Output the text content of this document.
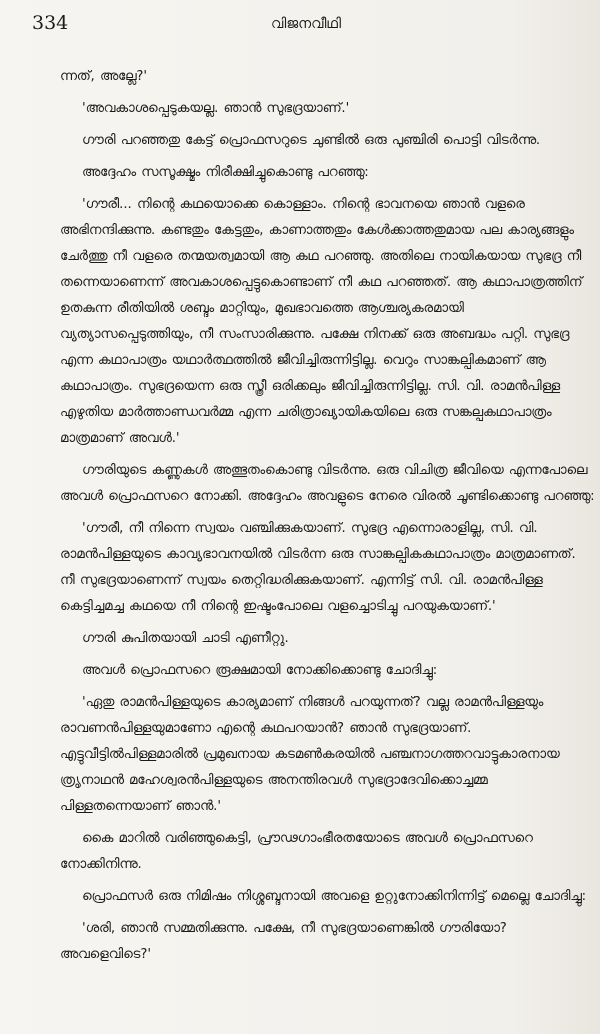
334	വിജനവീഥി

ന്നത്, അല്ലേ?'

'അവകാശപ്പെടുകയല്ല. ഞാൻ സുഭദ്രയാണ്.'

ഗൗരി പറഞ്ഞതു കേട്ട് പ്രൊഫസറുടെ ചുണ്ടിൽ ഒരു പുഞ്ചിരി പൊട്ടി വിടർന്നു.

അദ്ദേഹം സസൂക്ഷ്മം നിരീക്ഷിച്ചുകൊണ്ടു പറഞ്ഞു:

'ഗൗരീ... നിന്റെ കഥയൊക്കെ കൊള്ളാം. നിന്റെ ഭാവനയെ ഞാൻ വളരെ അഭിനന്ദിക്കുന്നു. കണ്ടതും കേട്ടതും, കാണാത്തതും കേൾക്കാത്തതുമായ പല കാര്യങ്ങളും ചേർത്തു നീ വളരെ തന്മയത്വമായി ആ കഥ പറഞ്ഞു. അതിലെ നായികയായ സുഭദ്ര നീ തന്നെയാണെന്ന് അവകാശപ്പെട്ടുകൊണ്ടാണ് നീ കഥ പറഞ്ഞത്. ആ കഥാപാത്രത്തിന് ഉതകുന്ന രീതിയിൽ ശബ്ദം മാറ്റിയും, മുഖഭാവത്തെ ആശ്ചര്യകരമായി വ്യത്യാസപ്പെടുത്തിയും, നീ സംസാരിക്കുന്നു. പക്ഷേ നിനക്ക് ഒരു അബദ്ധം പറ്റി. സുഭദ്ര എന്ന കഥാപാത്രം യഥാർത്ഥത്തിൽ ജീവിച്ചിരുന്നിട്ടില്ല. വെറും സാങ്കല്പികമാണ് ആ കഥാപാത്രം. സുഭദ്രയെന്ന ഒരു സ്ത്രീ ഒരിക്കലും ജീവിച്ചിരുന്നിട്ടില്ല. സി. വി. രാമൻപിള്ള എഴുതിയ മാർത്താണ്ഡവർമ്മ എന്ന ചരിത്രാഖ്യായികയിലെ ഒരു സങ്കല്പകഥാപാത്രം മാത്രമാണ് അവൾ.'

ഗൗരിയുടെ കണ്ണുകൾ അത്ഭുതംകൊണ്ടു വിടർന്നു. ഒരു വിചിത്ര ജീവിയെ എന്നപോലെ അവൾ പ്രൊഫസറെ നോക്കി. അദ്ദേഹം അവളുടെ നേരെ വിരൽ ചൂണ്ടിക്കൊണ്ടു പറഞ്ഞു:

'ഗൗരീ, നീ നിന്നെ സ്വയം വഞ്ചിക്കുകയാണ്. സുഭദ്ര എന്നൊരാളില്ല, സി. വി. രാമൻപിള്ളയുടെ കാവ്യഭാവനയിൽ വിടർന്ന ഒരു സാങ്കല്പികകഥാപാത്രം മാത്രമാണത്. നീ സുഭദ്രയാണെന്ന് സ്വയം തെറ്റിദ്ധരിക്കുകയാണ്. എന്നിട്ട് സി. വി. രാമൻപിള്ള കെട്ടിച്ചമച്ച കഥയെ നീ നിന്റെ ഇഷ്ടംപോലെ വളച്ചൊടിച്ചു പറയുകയാണ്.'

ഗൗരി കുപിതയായി ചാടി എണീറ്റു.

അവൾ പ്രൊഫസറെ രൂക്ഷമായി നോക്കിക്കൊണ്ടു ചോദിച്ചു:

'ഏതു രാമൻപിള്ളയുടെ കാര്യമാണ് നിങ്ങൾ പറയുന്നത്? വല്ല രാമൻപിള്ളയും രാവണൻപിള്ളയുമാണോ എന്റെ കഥപറയാൻ? ഞാൻ സുഭദ്രയാണ്. എട്ടുവീട്ടിൽപിള്ളമാരിൽ പ്രമുഖനായ കടമൺകരയിൽ പഞ്ചനാഗത്തറവാട്ടുകാരനായ ത്രൃനാഥൻ മഹേശ്വരൻപിള്ളയുടെ അനന്തിരവൾ സുഭദ്രാദേവിക്കൊച്ചമ്മ പിള്ളതന്നെയാണ് ഞാൻ.'

കൈ മാറിൽ വരിഞ്ഞുകെട്ടി, പ്രൗഢഗാംഭീരതയോടെ അവൾ പ്രൊഫസറെ നോക്കിനിന്നു.

പ്രൊഫസർ ഒരു നിമിഷം നിശ്ശബ്ദനായി അവളെ ഉറ്റുനോക്കിനിന്നിട്ട് മെല്ലെ ചോദിച്ചു:

'ശരി, ഞാൻ സമ്മതിക്കുന്നു. പക്ഷേ, നീ സുഭദ്രയാണെങ്കിൽ ഗൗരിയോ? അവളെവിടെ?'
